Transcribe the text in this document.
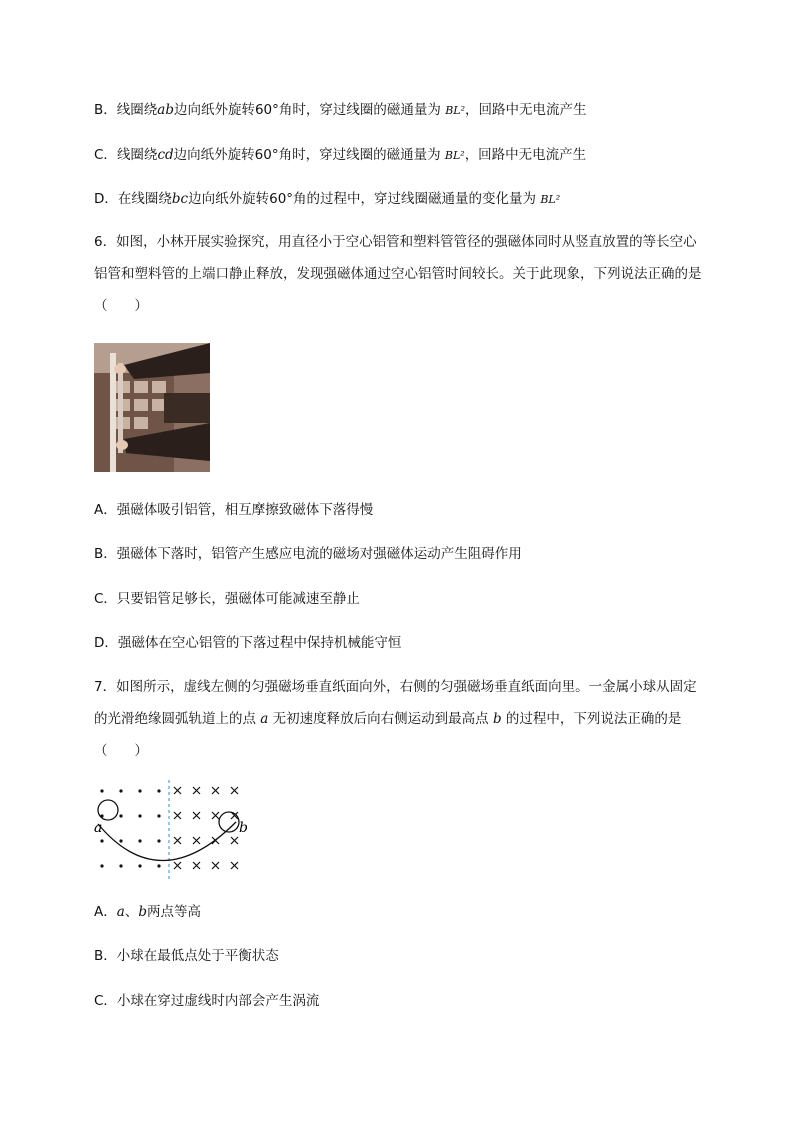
B．线圈绕ab边向纸外旋转60°角时，穿过线圈的磁通量为 BL²，回路中无电流产生
C．线圈绕cd边向纸外旋转60°角时，穿过线圈的磁通量为 BL²，回路中无电流产生
D．在线圈绕bc边向纸外旋转60°角的过程中，穿过线圈磁通量的变化量为 BL²
6．如图，小林开展实验探究，用直径小于空心铝管和塑料管管径的强磁体同时从竖直放置的等长空心铝管和塑料管的上端口静止释放，发现强磁体通过空心铝管时间较长。关于此现象，下列说法正确的是（　　）
A．强磁体吸引铝管，相互摩擦致磁体下落得慢
B．强磁体下落时，铝管产生感应电流的磁场对强磁体运动产生阻碍作用
C．只要铝管足够长，强磁体可能减速至静止
D．强磁体在空心铝管的下落过程中保持机械能守恒
7．如图所示，虚线左侧的匀强磁场垂直纸面向外，右侧的匀强磁场垂直纸面向里。一金属小球从固定的光滑绝缘圆弧轨道上的点 a 无初速度释放后向右侧运动到最高点 b 的过程中，下列说法正确的是（　　）
a	b
A．a、b两点等高
B．小球在最低点处于平衡状态
C．小球在穿过虚线时内部会产生涡流
